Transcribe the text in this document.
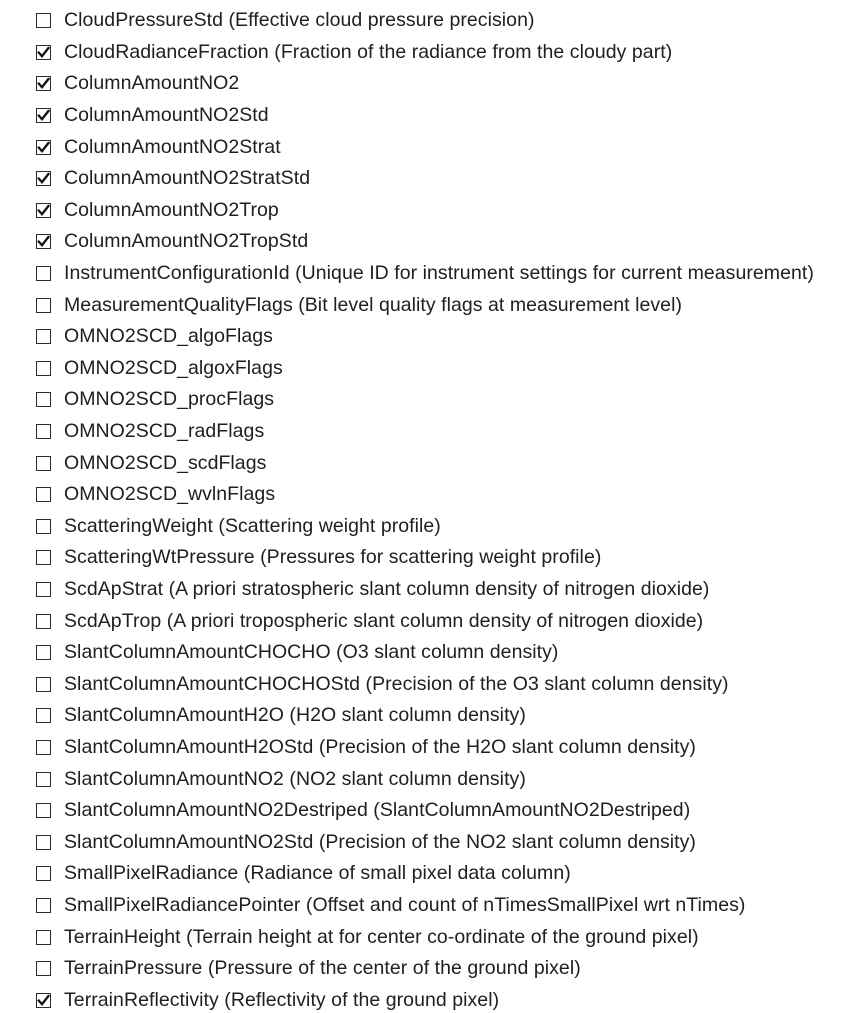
CloudPressureStd (Effective cloud pressure precision)
CloudRadianceFraction (Fraction of the radiance from the cloudy part)
ColumnAmountNO2
ColumnAmountNO2Std
ColumnAmountNO2Strat
ColumnAmountNO2StratStd
ColumnAmountNO2Trop
ColumnAmountNO2TropStd
InstrumentConfigurationId (Unique ID for instrument settings for current measurement)
MeasurementQualityFlags (Bit level quality flags at measurement level)
OMNO2SCD_algoFlags
OMNO2SCD_algoxFlags
OMNO2SCD_procFlags
OMNO2SCD_radFlags
OMNO2SCD_scdFlags
OMNO2SCD_wvlnFlags
ScatteringWeight (Scattering weight profile)
ScatteringWtPressure (Pressures for scattering weight profile)
ScdApStrat (A priori stratospheric slant column density of nitrogen dioxide)
ScdApTrop (A priori tropospheric slant column density of nitrogen dioxide)
SlantColumnAmountCHOCHO (O3 slant column density)
SlantColumnAmountCHOCHOStd (Precision of the O3 slant column density)
SlantColumnAmountH2O (H2O slant column density)
SlantColumnAmountH2OStd (Precision of the H2O slant column density)
SlantColumnAmountNO2 (NO2 slant column density)
SlantColumnAmountNO2Destriped (SlantColumnAmountNO2Destriped)
SlantColumnAmountNO2Std (Precision of the NO2 slant column density)
SmallPixelRadiance (Radiance of small pixel data column)
SmallPixelRadiancePointer (Offset and count of nTimesSmallPixel wrt nTimes)
TerrainHeight (Terrain height at for center co-ordinate of the ground pixel)
TerrainPressure (Pressure of the center of the ground pixel)
TerrainReflectivity (Reflectivity of the ground pixel)
